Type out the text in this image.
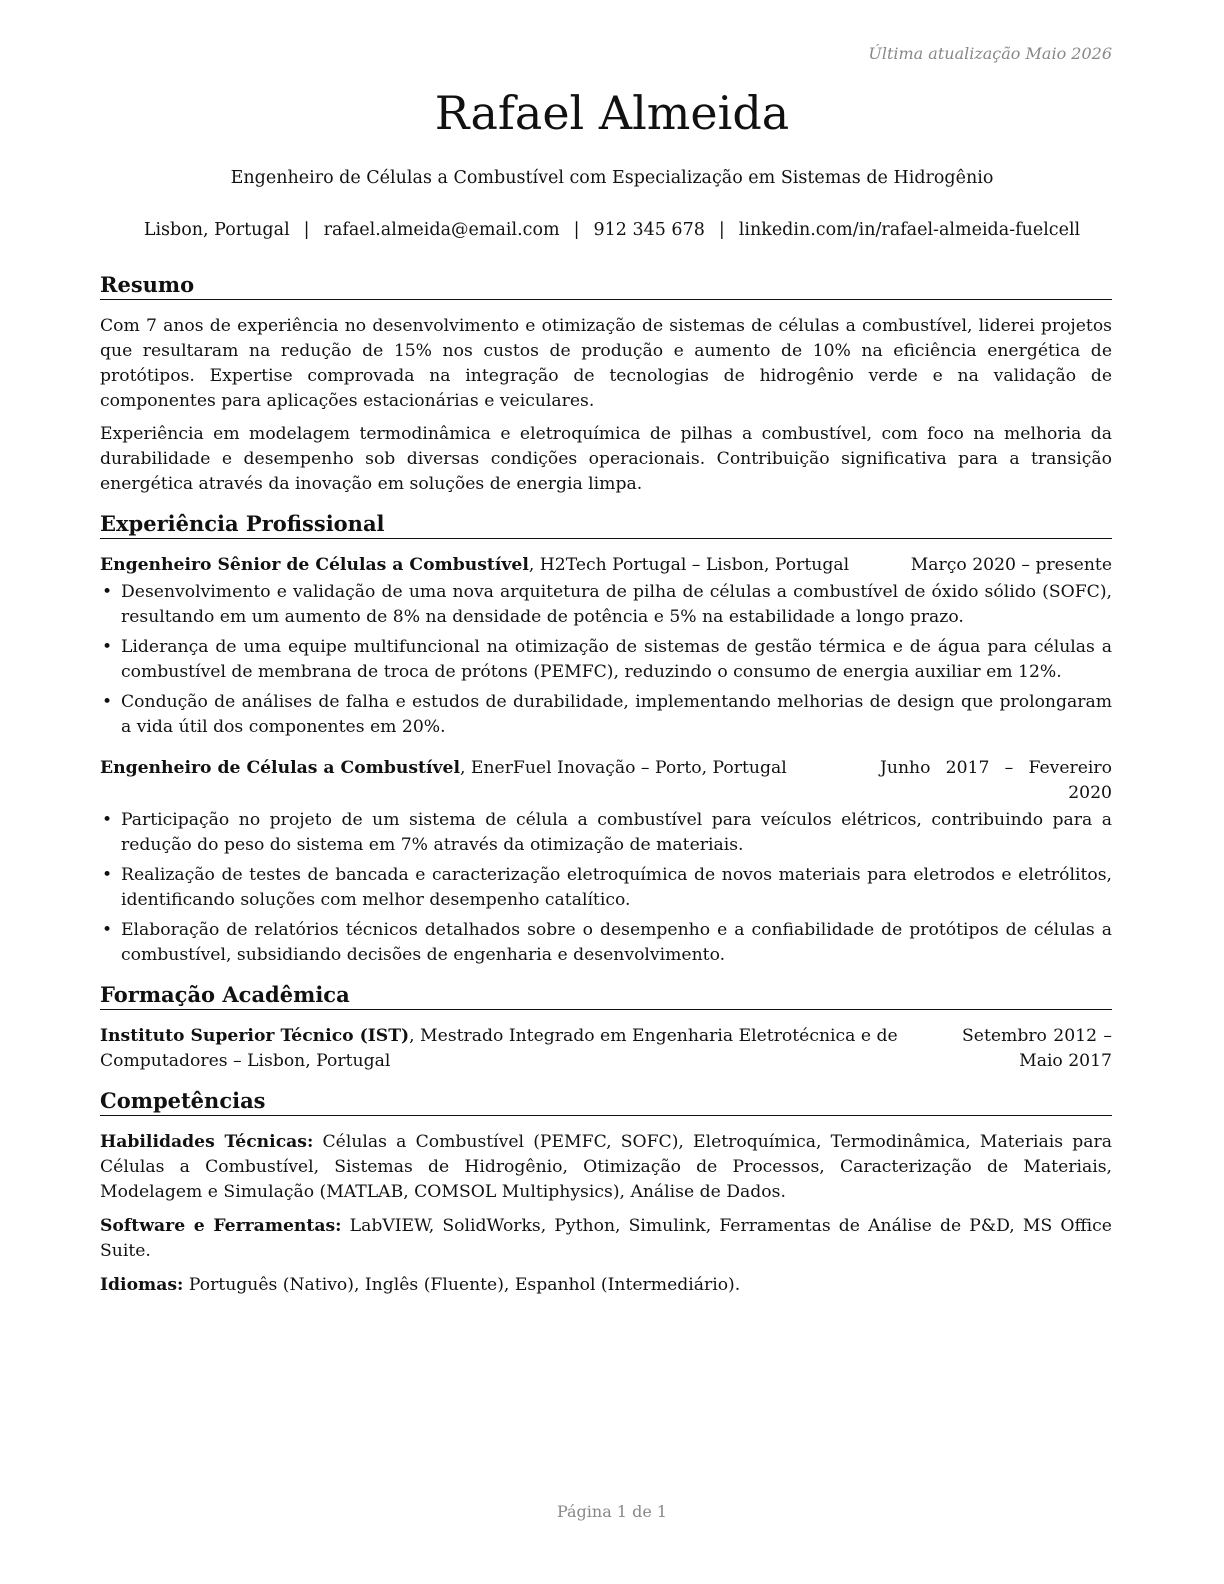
Última atualização Maio 2026
Rafael Almeida
Engenheiro de Células a Combustível com Especialização em Sistemas de Hidrogênio
Lisbon, Portugal | rafael.almeida@email.com | 912 345 678 | linkedin.com/in/rafael-almeida-fuelcell
Resumo

Com 7 anos de experiência no desenvolvimento e otimização de sistemas de células a combustível, liderei projetos que resultaram na redução de 15% nos custos de produção e aumento de 10% na eficiência energética de protótipos. Expertise comprovada na integração de tecnologias de hidrogênio verde e na validação de componentes para aplicações estacionárias e veiculares.

Experiência em modelagem termodinâmica e eletroquímica de pilhas a combustível, com foco na melhoria da durabilidade e desempenho sob diversas condições operacionais. Contribuição significativa para a transição energética através da inovação em soluções de energia limpa.

Experiência Profissional
Engenheiro Sênior de Células a Combustível, H2Tech Portugal – Lisbon, Portugal	Março 2020 – presente
• Desenvolvimento e validação de uma nova arquitetura de pilha de células a combustível de óxido sólido (SOFC), resultando em um aumento de 8% na densidade de potência e 5% na estabilidade a longo prazo.
• Liderança de uma equipe multifuncional na otimização de sistemas de gestão térmica e de água para células a combustível de membrana de troca de prótons (PEMFC), reduzindo o consumo de energia auxiliar em 12%.
• Condução de análises de falha e estudos de durabilidade, implementando melhorias de design que prolongaram a vida útil dos componentes em 20%.
Engenheiro de Células a Combustível, EnerFuel Inovação – Porto, Portugal	Junho 2017 – Fevereiro 2020
• Participação no projeto de um sistema de célula a combustível para veículos elétricos, contribuindo para a redução do peso do sistema em 7% através da otimização de materiais.
• Realização de testes de bancada e caracterização eletroquímica de novos materiais para eletrodos e eletrólitos, identificando soluções com melhor desempenho catalítico.
• Elaboração de relatórios técnicos detalhados sobre o desempenho e a confiabilidade de protótipos de células a combustível, subsidiando decisões de engenharia e desenvolvimento.
Formação Acadêmica
Instituto Superior Técnico (IST), Mestrado Integrado em Engenharia Eletrotécnica e de Computadores – Lisbon, Portugal
Setembro 2012 – Maio 2017
Competências
Habilidades Técnicas: Células a Combustível (PEMFC, SOFC), Eletroquímica, Termodinâmica, Materiais para Células a Combustível, Sistemas de Hidrogênio, Otimização de Processos, Caracterização de Materiais, Modelagem e Simulação (MATLAB, COMSOL Multiphysics), Análise de Dados.
Software e Ferramentas: LabVIEW, SolidWorks, Python, Simulink, Ferramentas de Análise de P&D, MS Office Suite.
Idiomas: Português (Nativo), Inglês (Fluente), Espanhol (Intermediário).
Página 1 de 1
